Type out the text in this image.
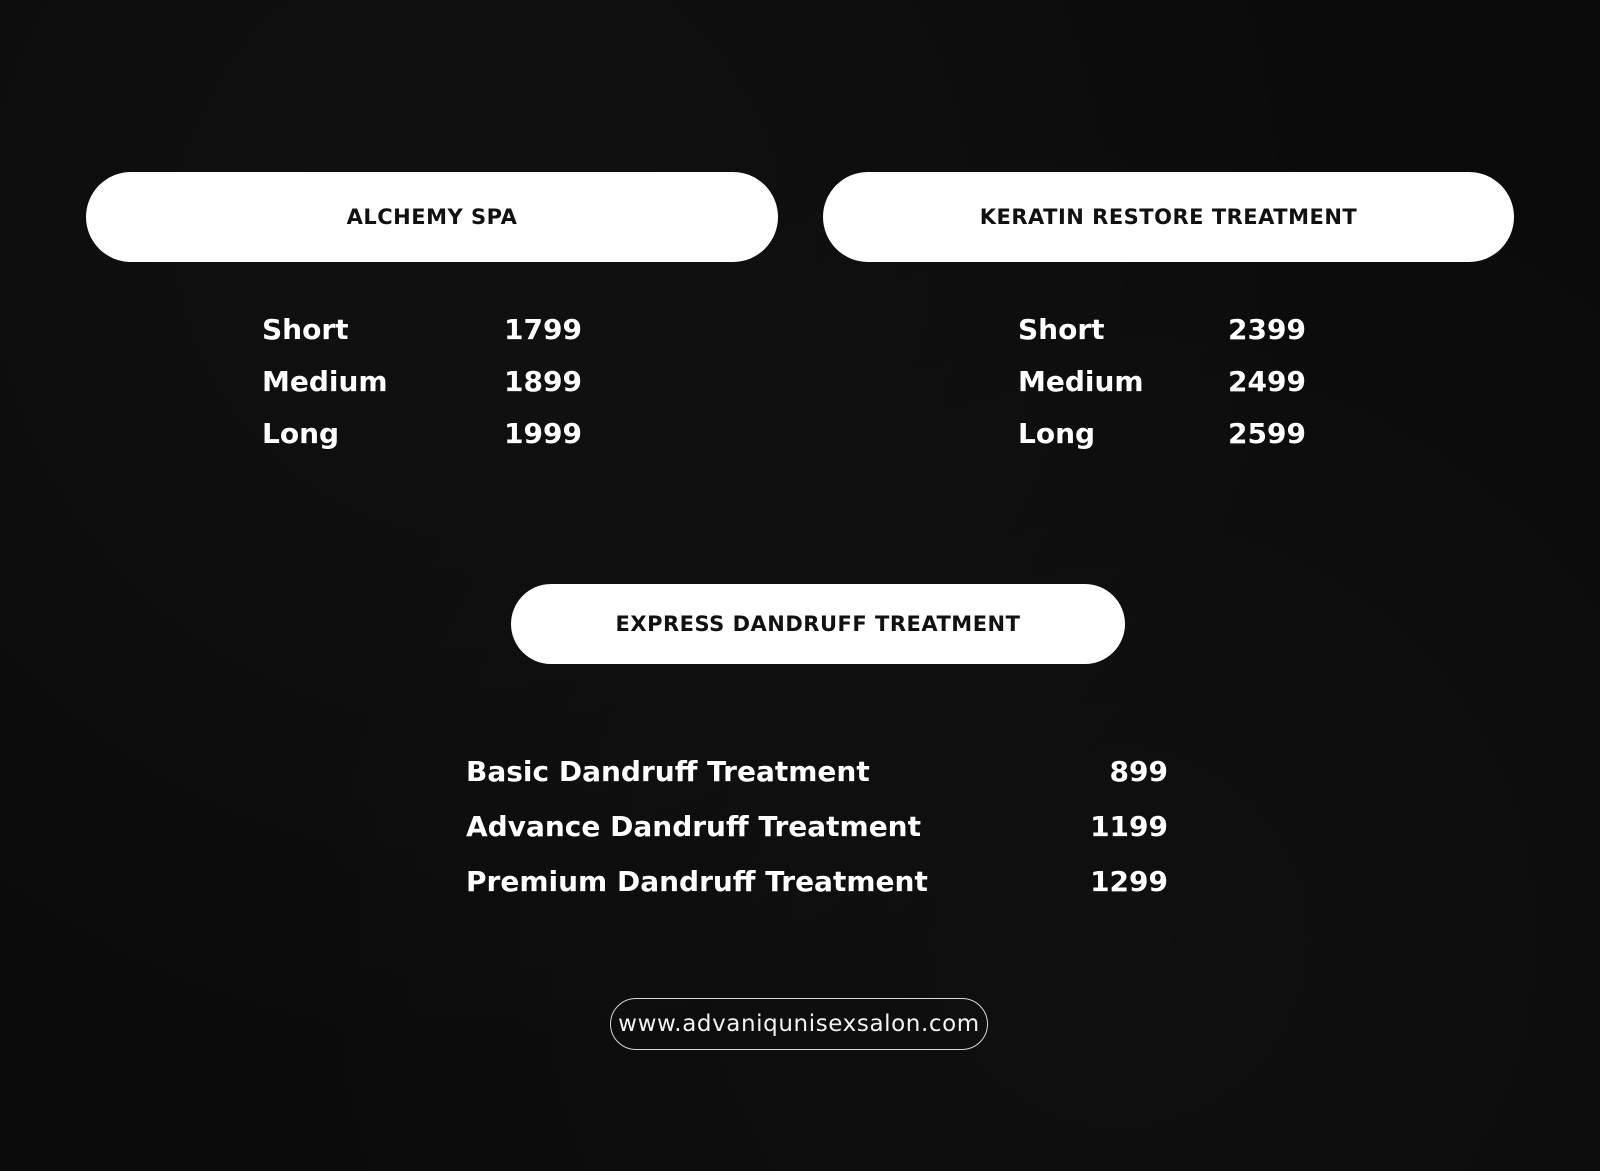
ALCHEMY SPA
Short	1799
Medium	1899
Long	1999
KERATIN RESTORE TREATMENT
Short	2399
Medium	2499
Long	2599
EXPRESS DANDRUFF TREATMENT
Basic Dandruff Treatment	899
Advance Dandruff Treatment	1199
Premium Dandruff Treatment	1299
www.advaniqunisexsalon.com
